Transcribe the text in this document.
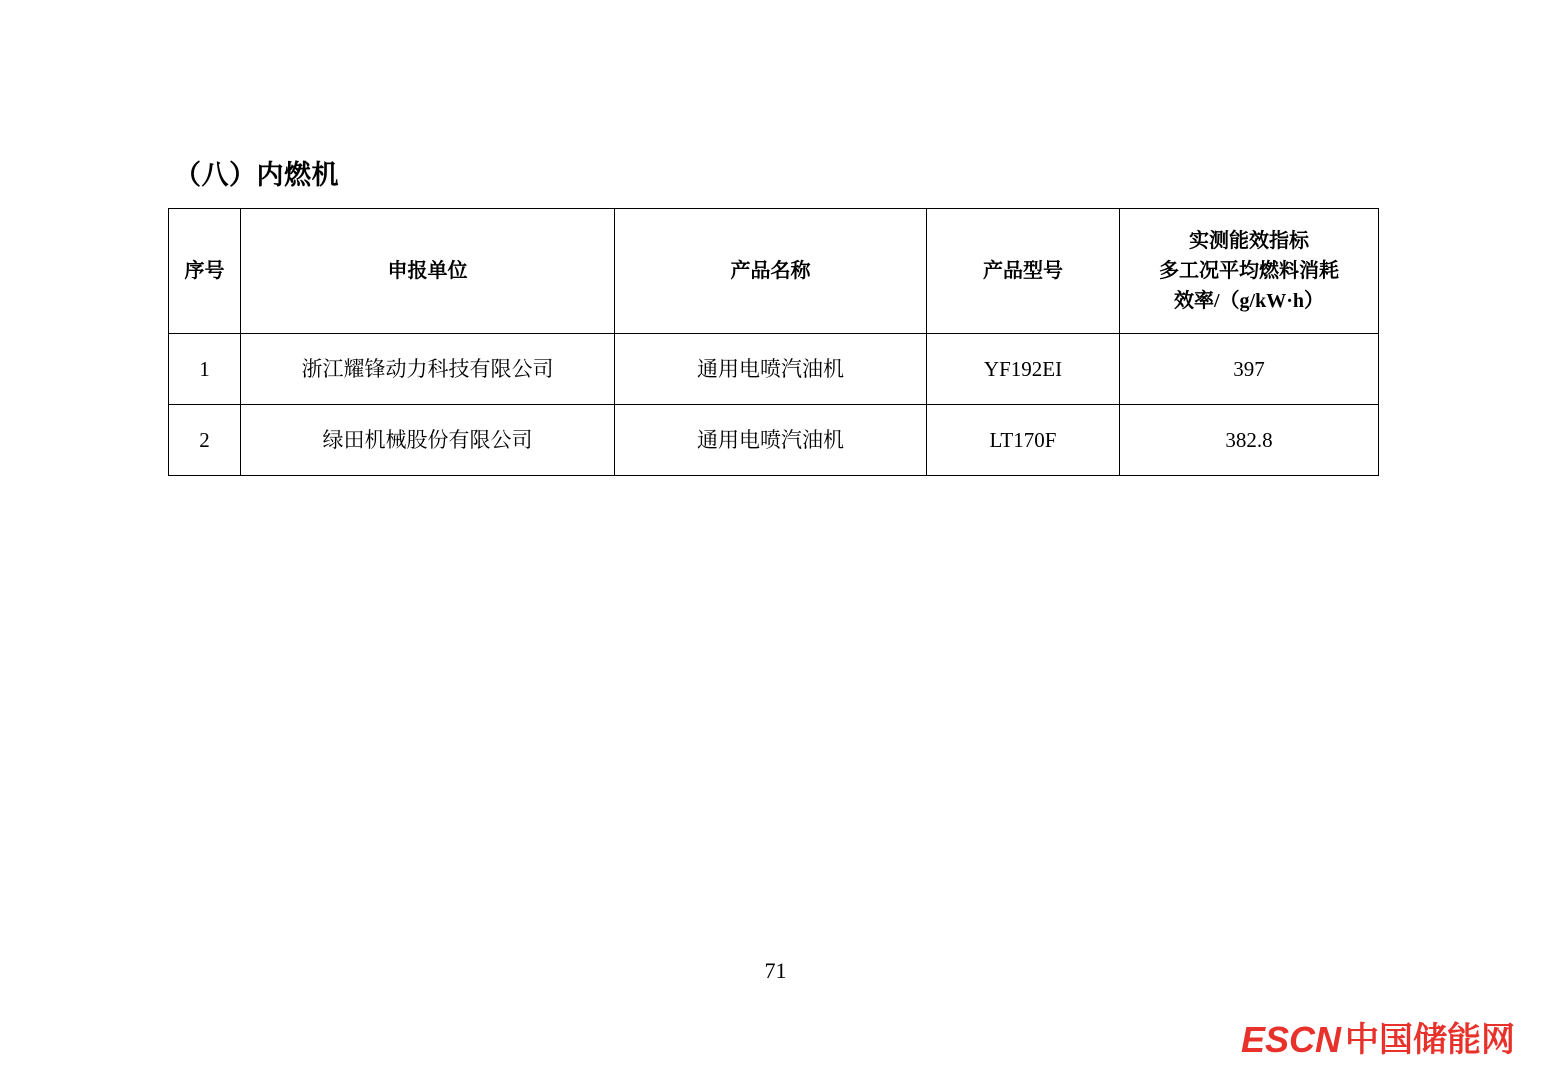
（八）内燃机
序号	申报单位	产品名称	产品型号	实测能效指标
多工况平均燃料消耗
效率/（g/kW·h）

1	浙江耀锋动力科技有限公司	通用电喷汽油机	YF192EI	397
2	绿田机械股份有限公司	通用电喷汽油机	LT170F	382.8
71
ESCN 中国储能网
